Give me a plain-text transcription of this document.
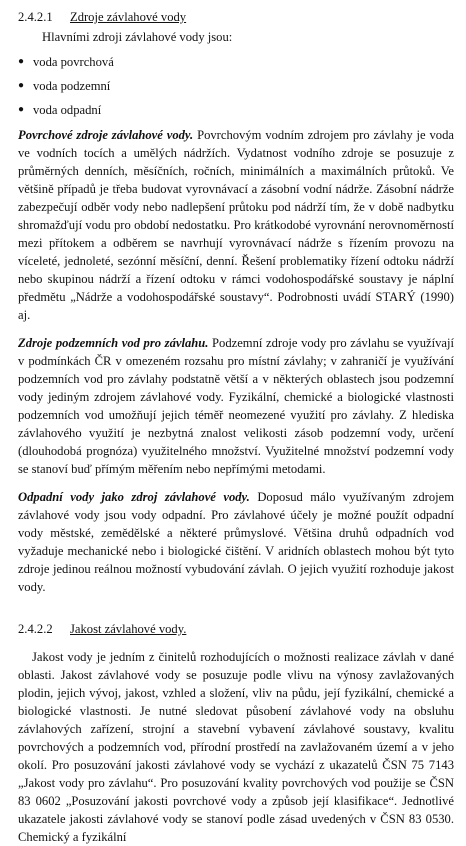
2.4.2.1	Zdroje závlahové vody

Hlavními zdroji závlahové vody jsou:

● voda povrchová
● voda podzemní
● voda odpadní

Povrchové zdroje závlahové vody. Povrchovým vodním zdrojem pro závlahy je voda ve vodních tocích a umělých nádržích. Vydatnost vodního zdroje se posuzuje z průměrných denních, měsíčních, ročních, minimálních a maximálních průtoků. Ve většině případů je třeba budovat vyrovnávací a zásobní vodní nádrže. Zásobní nádrže zabezpečují odběr vody nebo nadlepšení průtoku pod nádrží tím, že v době nadbytku shromažďují vodu pro období nedostatku. Pro krátkodobé vyrovnání nerovnoměrností mezi přítokem a odběrem se navrhují vyrovnávací nádrže s řízením provozu na víceleté, jednoleté, sezónní měsíční, denní. Řešení problematiky řízení odtoku nádrží nebo skupinou nádrží a řízení odtoku v rámci vodohospodářské soustavy je náplní předmětu „Nádrže a vodohospodářské soustavy“. Podrobnosti uvádí STARÝ (1990) aj.

Zdroje podzemních vod pro závlahu. Podzemní zdroje vody pro závlahu se využívají v podmínkách ČR v omezeném rozsahu pro místní závlahy; v zahraničí je využívání podzemních vod pro závlahy podstatně větší a v některých oblastech jsou podzemní vody jediným zdrojem závlahové vody. Fyzikální, chemické a biologické vlastnosti podzemních vod umožňují jejich téměř neomezené využití pro závlahy. Z hlediska závlahového využití je nezbytná znalost velikosti zásob podzemní vody, určení (dlouhodobá prognóza) využitelného množství. Využitelné množství podzemní vody se stanoví buď přímým měřením nebo nepřímými metodami.

Odpadní vody jako zdroj závlahové vody. Doposud málo využívaným zdrojem závlahové vody jsou vody odpadní. Pro závlahové účely je možné použít odpadní vody městské, zemědělské a některé průmyslové. Většina druhů odpadních vod vyžaduje mechanické nebo i biologické čištění. V aridních oblastech mohou být tyto zdroje jedinou reálnou možností vybudování závlah. O jejich využití rozhoduje jakost vody.

2.4.2.2	Jakost závlahové vody.

Jakost vody je jedním z činitelů rozhodujících o možnosti realizace závlah v dané oblasti. Jakost závlahové vody se posuzuje podle vlivu na výnosy zavlažovaných plodin, jejich vývoj, jakost, vzhled a složení, vliv na půdu, její fyzikální, chemické a biologické vlastnosti. Je nutné sledovat působení závlahové vody na obsluhu závlahových zařízení, strojní a stavební vybavení závlahové soustavy, kvalitu povrchových a podzemních vod, přírodní prostředí na zavlažovaném území a v jeho okolí. Pro posuzování jakosti závlahové vody se vychází z ukazatelů ČSN 75 7143 „Jakost vody pro závlahu“. Pro posuzování kvality povrchových vod použije se ČSN 83 0602 „Posuzování jakosti povrchové vody a způsob její klasifikace“. Jednotlivé ukazatele jakosti závlahové vody se stanoví podle zásad uvedených v ČSN 83 0530. Chemický a fyzikální
